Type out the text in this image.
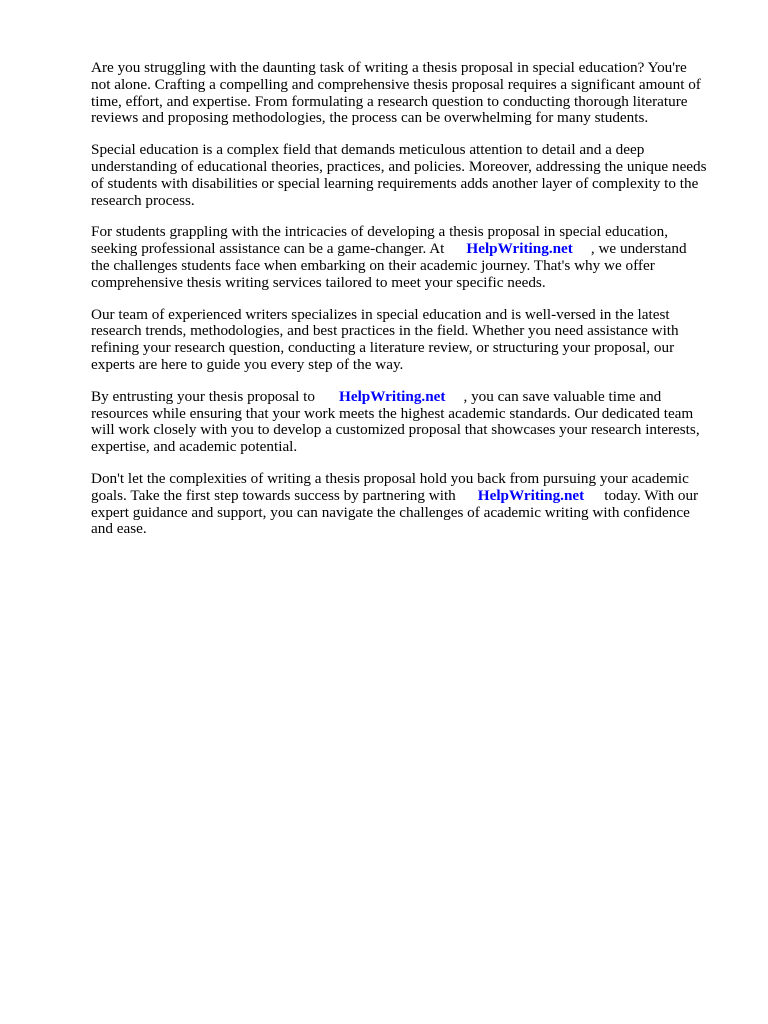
Are you struggling with the daunting task of writing a thesis proposal in special education? You're
not alone. Crafting a compelling and comprehensive thesis proposal requires a significant amount of
time, effort, and expertise. From formulating a research question to conducting thorough literature
reviews and proposing methodologies, the process can be overwhelming for many students.
Special education is a complex field that demands meticulous attention to detail and a deep
understanding of educational theories, practices, and policies. Moreover, addressing the unique needs
of students with disabilities or special learning requirements adds another layer of complexity to the
research process.
For students grappling with the intricacies of developing a thesis proposal in special education,
seeking professional assistance can be a game-changer. At HelpWriting.net , we understand
the challenges students face when embarking on their academic journey. That's why we offer
comprehensive thesis writing services tailored to meet your specific needs.
Our team of experienced writers specializes in special education and is well-versed in the latest
research trends, methodologies, and best practices in the field. Whether you need assistance with
refining your research question, conducting a literature review, or structuring your proposal, our
experts are here to guide you every step of the way.
By entrusting your thesis proposal to HelpWriting.net , you can save valuable time and
resources while ensuring that your work meets the highest academic standards. Our dedicated team
will work closely with you to develop a customized proposal that showcases your research interests,
expertise, and academic potential.
Don't let the complexities of writing a thesis proposal hold you back from pursuing your academic
goals. Take the first step towards success by partnering with HelpWriting.net today. With our
expert guidance and support, you can navigate the challenges of academic writing with confidence
and ease.
